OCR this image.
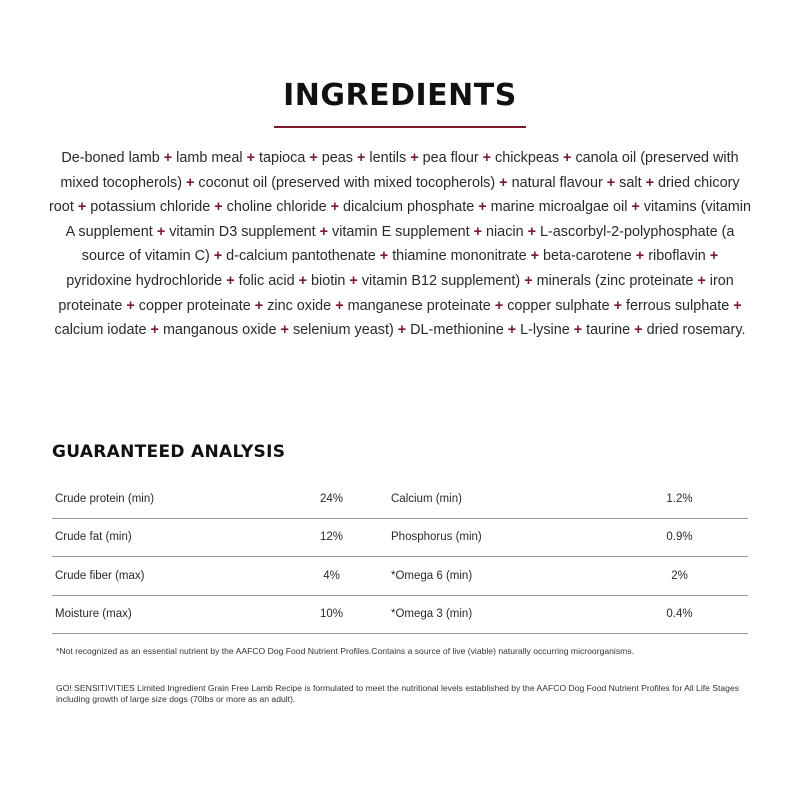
INGREDIENTS
De-boned lamb + lamb meal + tapioca + peas + lentils + pea flour + chickpeas + canola oil (preserved with mixed tocopherols) + coconut oil (preserved with mixed tocopherols) + natural flavour + salt + dried chicory root + potassium chloride + choline chloride + dicalcium phosphate + marine microalgae oil + vitamins (vitamin A supplement + vitamin D3 supplement + vitamin E supplement + niacin + L-ascorbyl-2-polyphosphate (a source of vitamin C) + d-calcium pantothenate + thiamine mononitrate + beta-carotene + riboflavin + pyridoxine hydrochloride + folic acid + biotin + vitamin B12 supplement) + minerals (zinc proteinate + iron proteinate + copper proteinate + zinc oxide + manganese proteinate + copper sulphate + ferrous sulphate + calcium iodate + manganous oxide + selenium yeast) + DL-methionine + L-lysine + taurine + dried rosemary.
GUARANTEED ANALYSIS
Crude protein (min)	24%	Calcium (min)	1.2%
Crude fat (min)	12%	Phosphorus (min)	0.9%
Crude fiber (max)	4%	*Omega 6 (min)	2%
Moisture (max)	10%	*Omega 3 (min)	0.4%
*Not recognized as an essential nutrient by the AAFCO Dog Food Nutrient Profiles.Contains a source of live (viable) naturally occurring microorganisms.
GO! SENSITIVITIES Limited Ingredient Grain Free Lamb Recipe is formulated to meet the nutritional levels established by the AAFCO Dog Food Nutrient Profiles for All Life Stages including growth of large size dogs (70lbs or more as an adult).
